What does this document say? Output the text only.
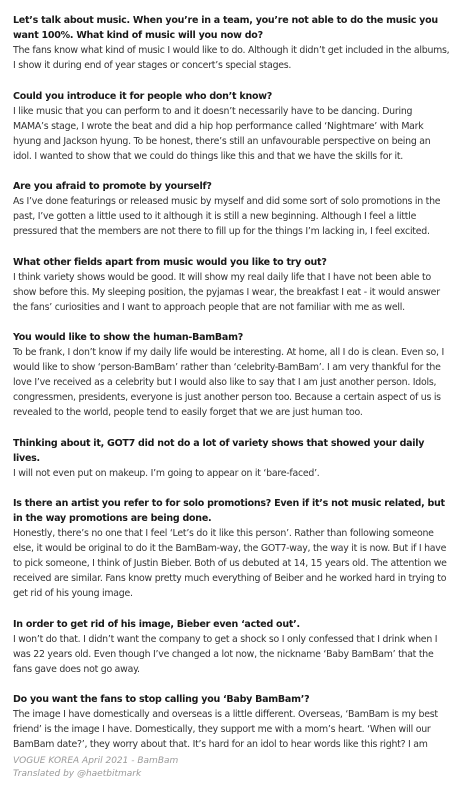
Let’s talk about music. When you’re in a team, you’re not able to do the music you want 100%. What kind of music will you now do?

The fans know what kind of music I would like to do. Although it didn’t get included in the albums, I show it during end of year stages or concert’s special stages.

Could you introduce it for people who don’t know?

I like music that you can perform to and it doesn’t necessarily have to be dancing. During MAMA’s stage, I wrote the beat and did a hip hop performance called ‘Nightmare’ with Mark hyung and Jackson hyung. To be honest, there’s still an unfavourable perspective on being an idol. I wanted to show that we could do things like this and that we have the skills for it.

Are you afraid to promote by yourself?

As I’ve done featurings or released music by myself and did some sort of solo promotions in the past, I’ve gotten a little used to it although it is still a new beginning. Although I feel a little pressured that the members are not there to fill up for the things I’m lacking in, I feel excited.

What other fields apart from music would you like to try out?

I think variety shows would be good. It will show my real daily life that I have not been able to show before this. My sleeping position, the pyjamas I wear, the breakfast I eat - it would answer the fans’ curiosities and I want to approach people that are not familiar with me as well.

You would like to show the human-BamBam?

To be frank, I don’t know if my daily life would be interesting. At home, all I do is clean. Even so, I would like to show ‘person-BamBam’ rather than ‘celebrity-BamBam’. I am very thankful for the love I’ve received as a celebrity but I would also like to say that I am just another person. Idols, congressmen, presidents, everyone is just another person too. Because a certain aspect of us is revealed to the world, people tend to easily forget that we are just human too.

Thinking about it, GOT7 did not do a lot of variety shows that showed your daily lives.

I will not even put on makeup. I’m going to appear on it ‘bare-faced’.

Is there an artist you refer to for solo promotions? Even if it’s not music related, but in the way promotions are being done.

Honestly, there’s no one that I feel ‘Let’s do it like this person’. Rather than following someone else, it would be original to do it the BamBam-way, the GOT7-way, the way it is now. But if I have to pick someone, I think of Justin Bieber. Both of us debuted at 14, 15 years old. The attention we received are similar. Fans know pretty much everything of Beiber and he worked hard in trying to get rid of his young image.

In order to get rid of his image, Bieber even ‘acted out’.

I won’t do that. I didn’t want the company to get a shock so I only confessed that I drink when I was 22 years old. Even though I’ve changed a lot now, the nickname ‘Baby BamBam’ that the fans gave does not go away.

Do you want the fans to stop calling you ‘Baby BamBam’?

The image I have domestically and overseas is a little different. Overseas, ‘BamBam is my best friend’ is the image I have. Domestically, they support me with a mom’s heart. ‘When will our BamBam date?’, they worry about that. It’s hard for an idol to hear words like this right? I am

VOGUE KOREA April 2021 - BamBam
Translated by @haetbitmark
